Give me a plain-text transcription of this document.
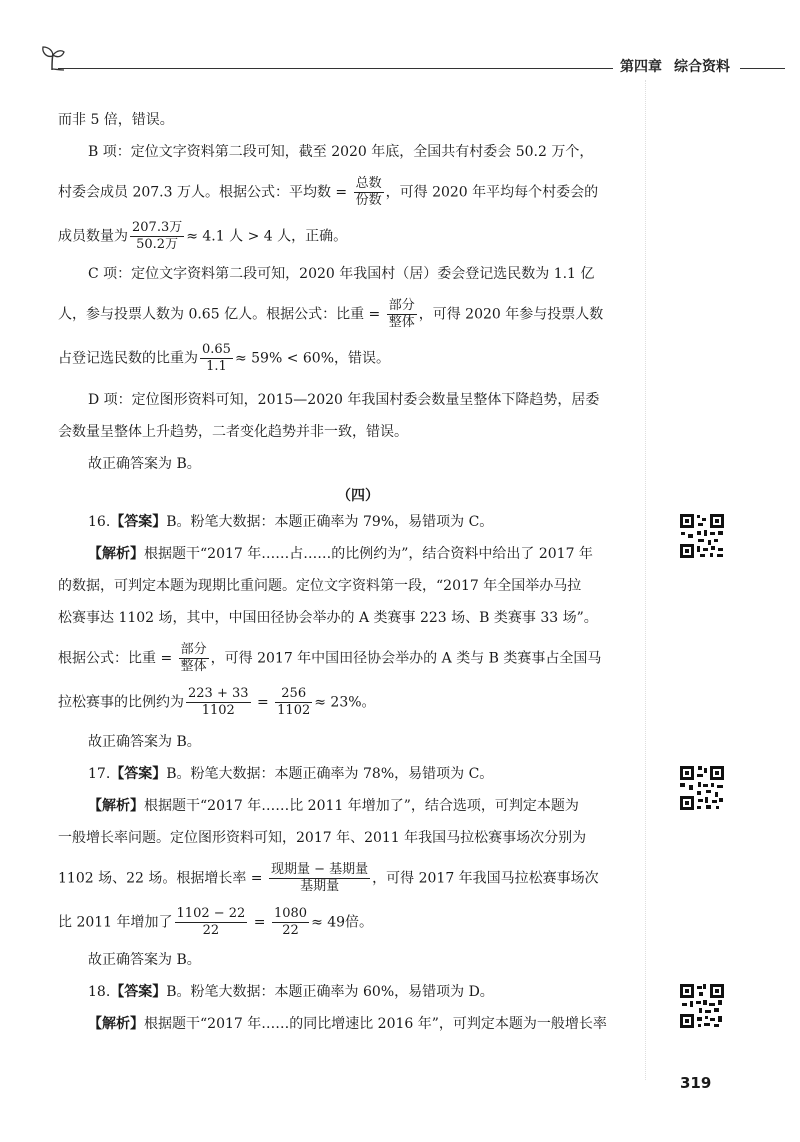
第四章 综合资料
而非 5 倍，错误。
B 项：定位文字资料第二段可知，截至 2020 年底，全国共有村委会 50.2 万个，
村委会成员 207.3 万人。根据公式：平均数 = $\frac{\text{总数}}{\text{份数}}$ ，可得 2020 年平均每个村委会的
成员数量为 $\frac{\text{207.3万}}{\text{50.2万}} \approx 4.1$ 人 > 4 人，正确。
C 项：定位文字资料第二段可知，2020 年我国村（居）委会登记选民数为 1.1 亿
人，参与投票人数为 0.65 亿人。根据公式：比重 = $\frac{\text{部分}}{\text{整体}}$ ，可得 2020 年参与投票人数
占登记选民数的比重为 $\frac{0.65}{1.1} \approx 59\% < 60\%$，错误。
D 项：定位图形资料可知，2015—2020 年我国村委会数量呈整体下降趋势，居委
会数量呈整体上升趋势，二者变化趋势并非一致，错误。
故正确答案为 B。
（四）
16.【答案】B。粉笔大数据：本题正确率为 79%，易错项为 C。
【解析】根据题干“2017 年……占……的比例约为”，结合资料中给出了 2017 年
的数据，可判定本题为现期比重问题。定位文字资料第一段，“2017 年全国举办马拉
松赛事达 1102 场，其中，中国田径协会举办的 A 类赛事 223 场、B 类赛事 33 场”。
根据公式：比重 = $\frac{\text{部分}}{\text{整体}}$ ，可得 2017 年中国田径协会举办的 A 类与 B 类赛事占全国马
拉松赛事的比例约为 $\frac{223 + 33}{1102} = \frac{256}{1102} \approx 23\%$。
故正确答案为 B。
17.【答案】B。粉笔大数据：本题正确率为 78%，易错项为 C。
【解析】根据题干“2017 年……比 2011 年增加了”，结合选项，可判定本题为
一般增长率问题。定位图形资料可知，2017 年、2011 年我国马拉松赛事场次分别为
1102 场、22 场。根据增长率 = $\frac{\text{现期量 − 基期量}}{\text{基期量}}$ ，可得 2017 年我国马拉松赛事场次
比 2011 年增加了 $\frac{1102 - 22}{22} = \frac{1080}{22} \approx 49$倍。
故正确答案为 B。
18.【答案】B。粉笔大数据：本题正确率为 60%，易错项为 D。
【解析】根据题干“2017 年……的同比增速比 2016 年”，可判定本题为一般增长率
319
